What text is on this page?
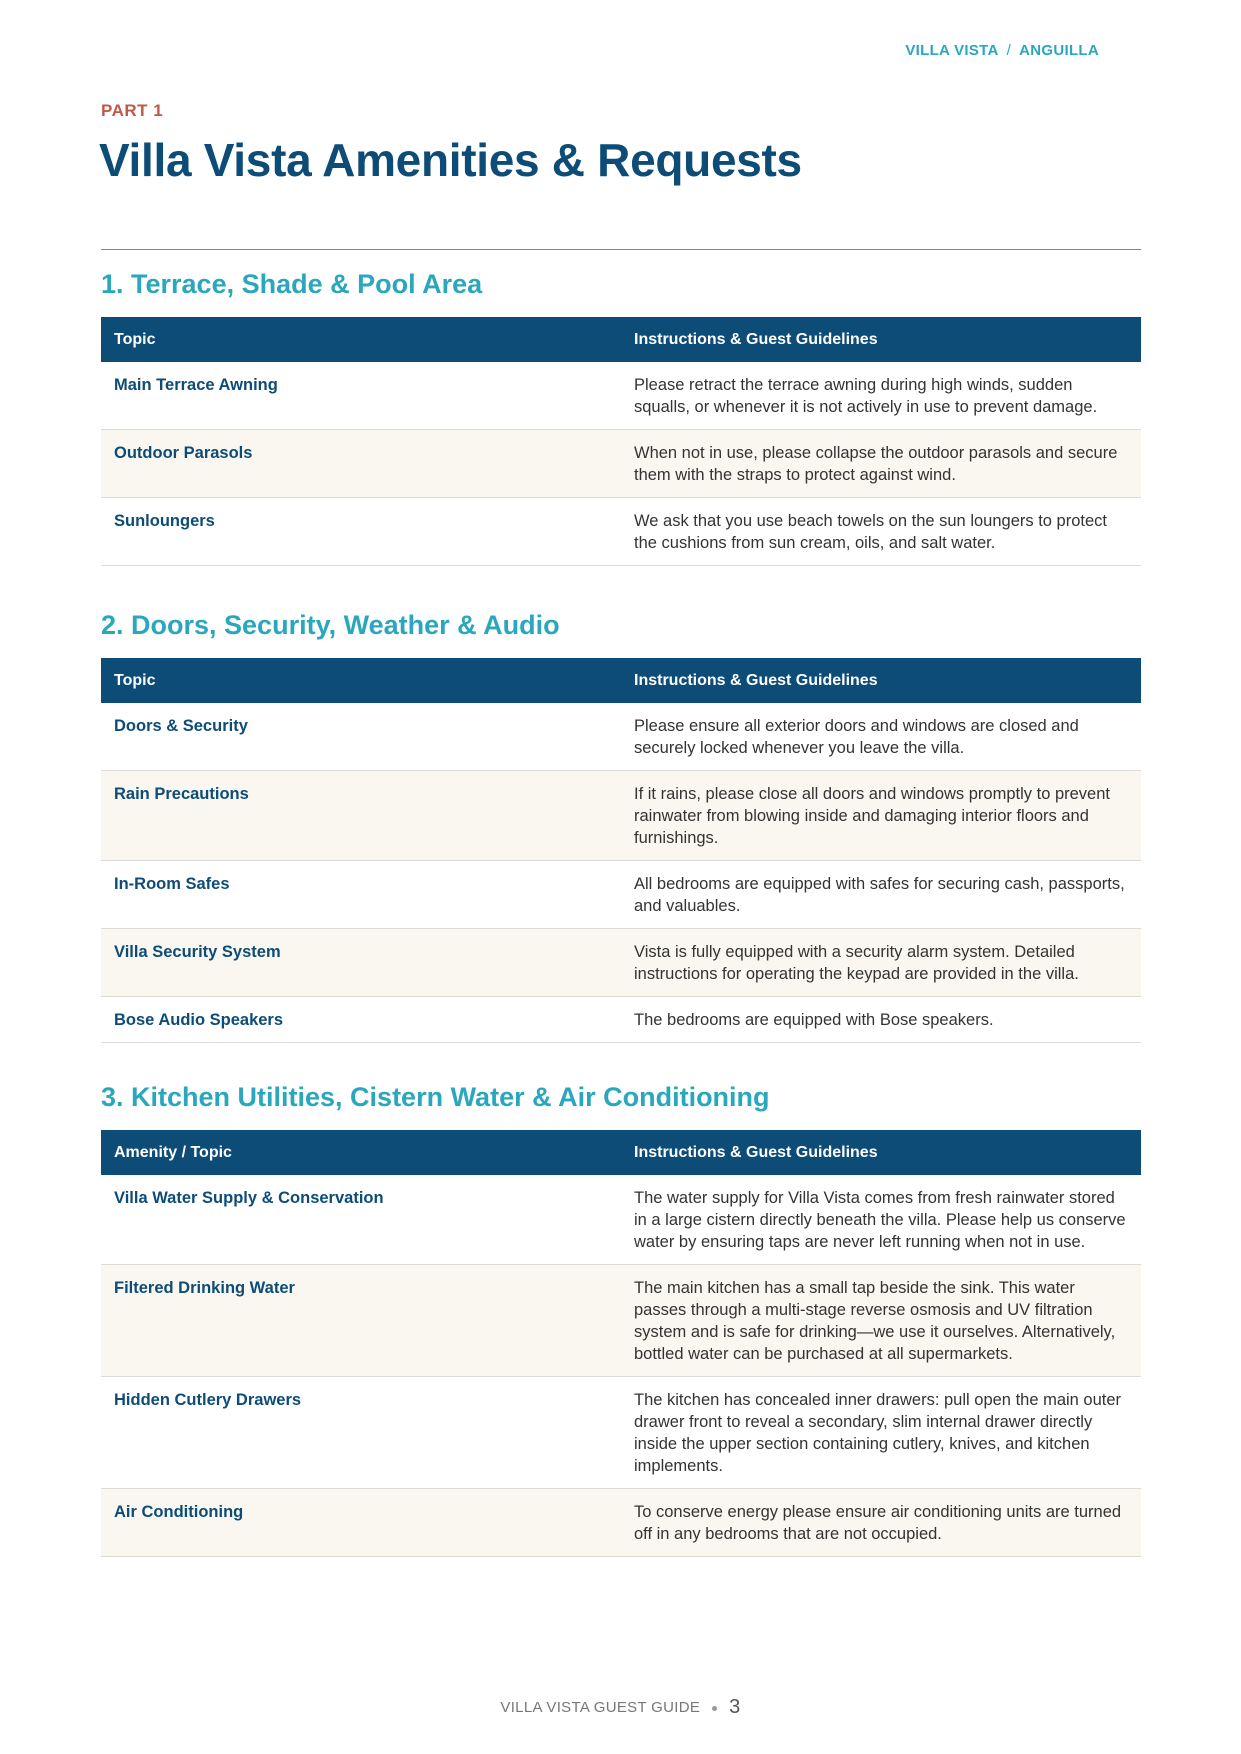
VILLA VISTA / ANGUILLA
PART 1
Villa Vista Amenities & Requests
1. Terrace, Shade & Pool Area
Topic	Instructions & Guest Guidelines
Main Terrace Awning	Please retract the terrace awning during high winds, sudden squalls, or whenever it is not actively in use to prevent damage.
Outdoor Parasols	When not in use, please collapse the outdoor parasols and secure them with the straps to protect against wind.
Sunloungers	We ask that you use beach towels on the sun loungers to protect the cushions from sun cream, oils, and salt water.
2. Doors, Security, Weather & Audio
Topic	Instructions & Guest Guidelines
Doors & Security	Please ensure all exterior doors and windows are closed and securely locked whenever you leave the villa.
Rain Precautions	If it rains, please close all doors and windows promptly to prevent rainwater from blowing inside and damaging interior floors and furnishings.
In-Room Safes	All bedrooms are equipped with safes for securing cash, passports, and valuables.
Villa Security System	Vista is fully equipped with a security alarm system. Detailed instructions for operating the keypad are provided in the villa.
Bose Audio Speakers	The bedrooms are equipped with Bose speakers.
3. Kitchen Utilities, Cistern Water & Air Conditioning
Amenity / Topic	Instructions & Guest Guidelines
Villa Water Supply & Conservation	The water supply for Villa Vista comes from fresh rainwater stored in a large cistern directly beneath the villa. Please help us conserve water by ensuring taps are never left running when not in use.
Filtered Drinking Water	The main kitchen has a small tap beside the sink. This water passes through a multi-stage reverse osmosis and UV filtration system and is safe for drinking—we use it ourselves. Alternatively, bottled water can be purchased at all supermarkets.
Hidden Cutlery Drawers	The kitchen has concealed inner drawers: pull open the main outer drawer front to reveal a secondary, slim internal drawer directly inside the upper section containing cutlery, knives, and kitchen implements.
Air Conditioning	To conserve energy please ensure air conditioning units are turned off in any bedrooms that are not occupied.
VILLA VISTA GUEST GUIDE 3
